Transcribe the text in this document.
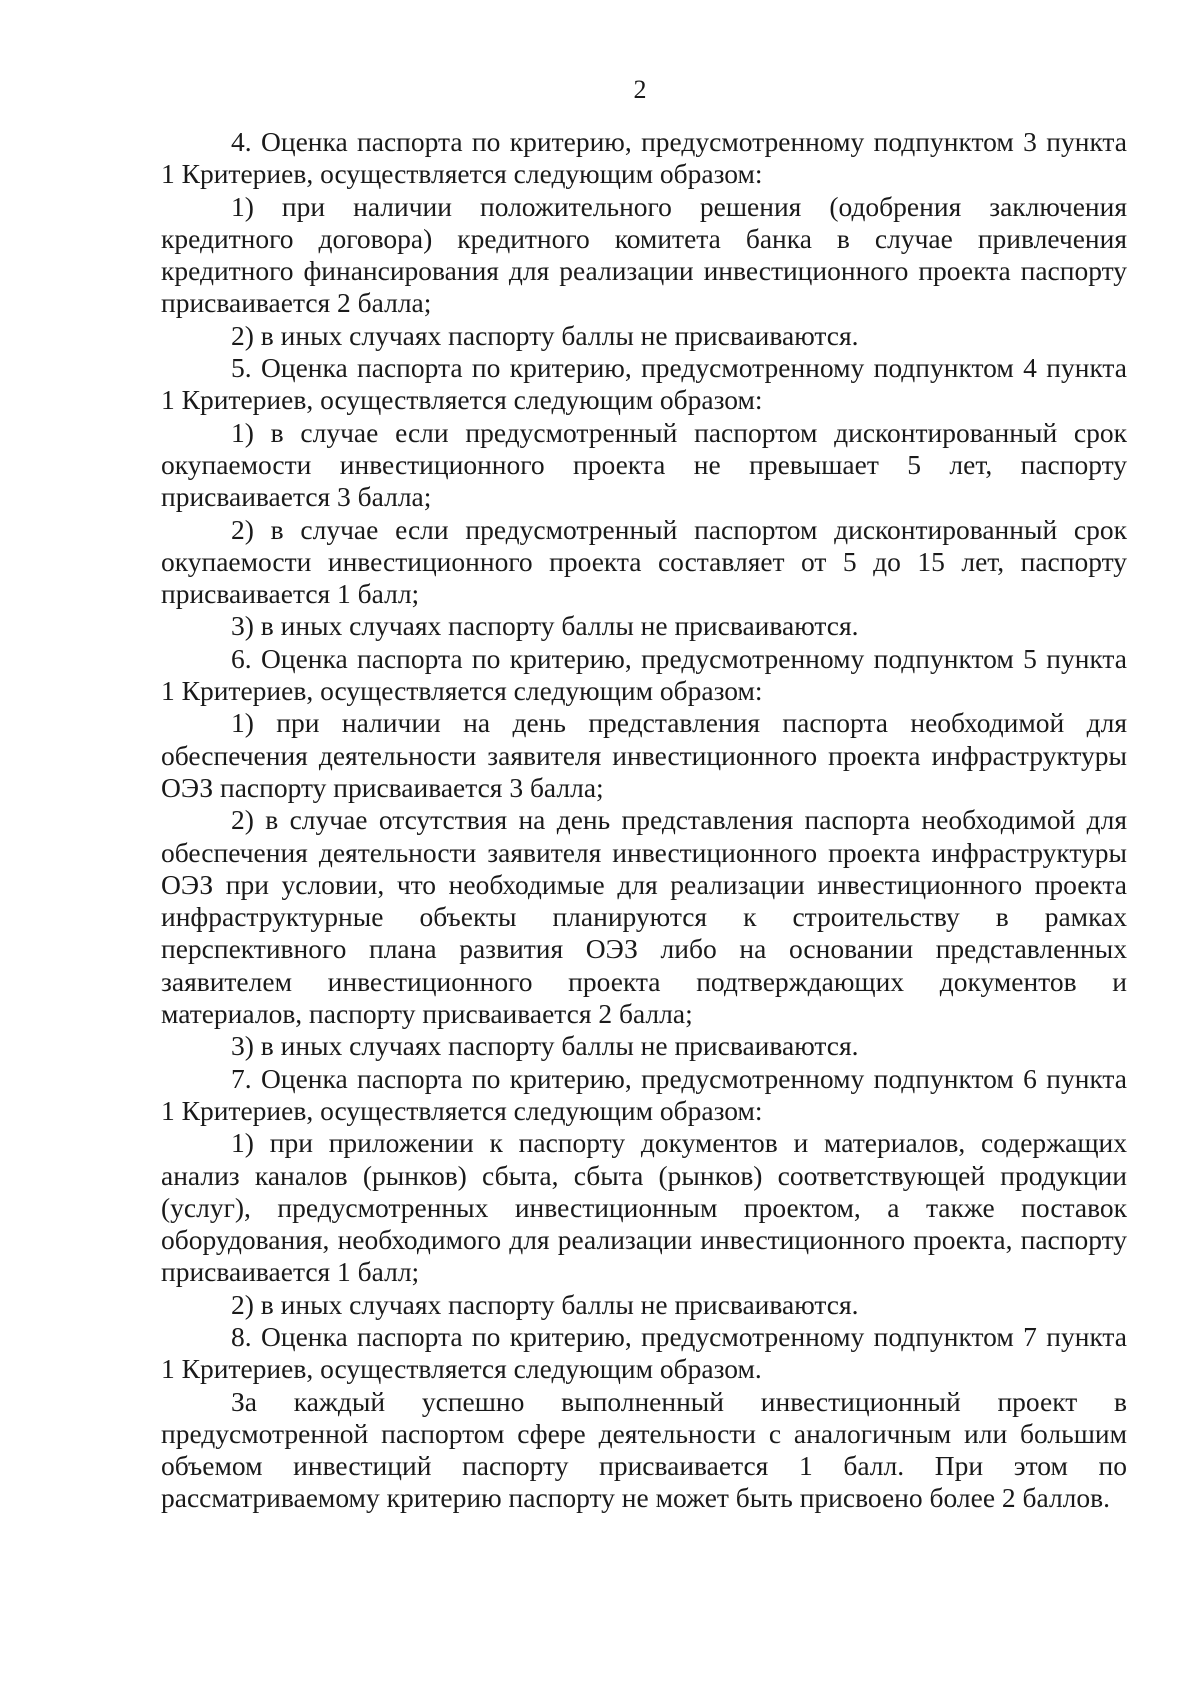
2

4. Оценка паспорта по критерию, предусмотренному подпунктом 3 пункта 1 Критериев, осуществляется следующим образом:

1) при наличии положительного решения (одобрения заключения кредитного договора) кредитного комитета банка в случае привлечения кредитного финансирования для реализации инвестиционного проекта паспорту присваивается 2 балла;

2) в иных случаях паспорту баллы не присваиваются.

5. Оценка паспорта по критерию, предусмотренному подпунктом 4 пункта 1 Критериев, осуществляется следующим образом:

1) в случае если предусмотренный паспортом дисконтированный срок окупаемости инвестиционного проекта не превышает 5 лет, паспорту присваивается 3 балла;

2) в случае если предусмотренный паспортом дисконтированный срок окупаемости инвестиционного проекта составляет от 5 до 15 лет, паспорту присваивается 1 балл;

3) в иных случаях паспорту баллы не присваиваются.

6. Оценка паспорта по критерию, предусмотренному подпунктом 5 пункта 1 Критериев, осуществляется следующим образом:

1) при наличии на день представления паспорта необходимой для обеспечения деятельности заявителя инвестиционного проекта инфраструктуры ОЭЗ паспорту присваивается 3 балла;

2) в случае отсутствия на день представления паспорта необходимой для обеспечения деятельности заявителя инвестиционного проекта инфраструктуры ОЭЗ при условии, что необходимые для реализации инвестиционного проекта инфраструктурные объекты планируются к строительству в рамках перспективного плана развития ОЭЗ либо на основании представленных заявителем инвестиционного проекта подтверждающих документов и материалов, паспорту присваивается 2 балла;

3) в иных случаях паспорту баллы не присваиваются.

7. Оценка паспорта по критерию, предусмотренному подпунктом 6 пункта 1 Критериев, осуществляется следующим образом:

1) при приложении к паспорту документов и материалов, содержащих анализ каналов (рынков) сбыта, сбыта (рынков) соответствующей продукции (услуг), предусмотренных инвестиционным проектом, а также поставок оборудования, необходимого для реализации инвестиционного проекта, паспорту присваивается 1 балл;

2) в иных случаях паспорту баллы не присваиваются.

8. Оценка паспорта по критерию, предусмотренному подпунктом 7 пункта 1 Критериев, осуществляется следующим образом.

За каждый успешно выполненный инвестиционный проект в предусмотренной паспортом сфере деятельности с аналогичным или большим объемом инвестиций паспорту присваивается 1 балл. При этом по рассматриваемому критерию паспорту не может быть присвоено более 2 баллов.
